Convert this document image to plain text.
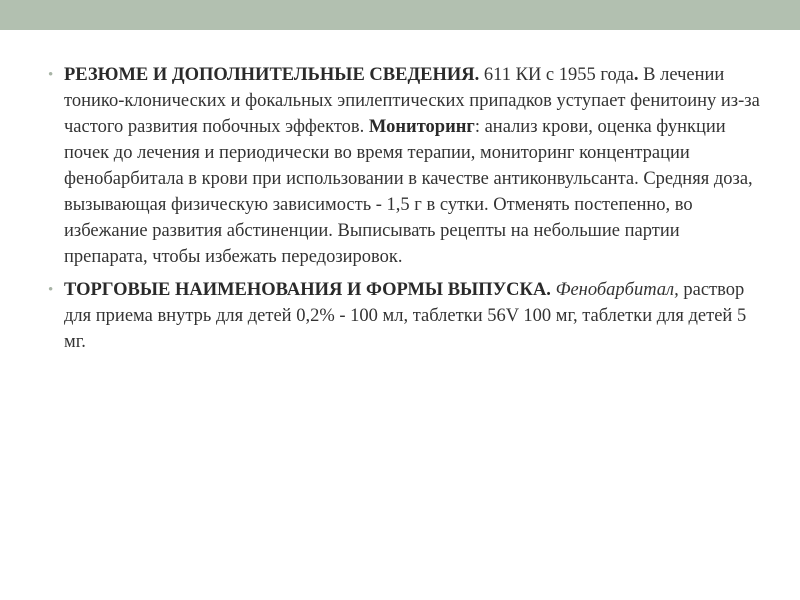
• РЕЗЮМЕ И ДОПОЛНИТЕЛЬНЫЕ СВЕДЕНИЯ. 611 КИ с 1955 года. В лечении тонико-клонических и фокальных эпилептических припадков уступает фенитоину из-за частого развития побочных эффектов. Мониторинг: анализ крови, оценка функции почек до лечения и периодически во время терапии, мониторинг концентрации фенобарбитала в крови при использовании в качестве антиконвульсанта. Средняя доза, вызывающая физическую зависимость - 1,5 г в сутки. Отменять постепенно, во избежание развития абстиненции. Выписывать рецепты на небольшие партии препарата, чтобы избежать передозировок.
• ТОРГОВЫЕ НАИМЕНОВАНИЯ И ФОРМЫ ВЫПУСКА. Фенобарбитал, раствор для приема внутрь для детей 0,2% - 100 мл, таблетки 56V 100 мг, таблетки для детей 5 мг.
